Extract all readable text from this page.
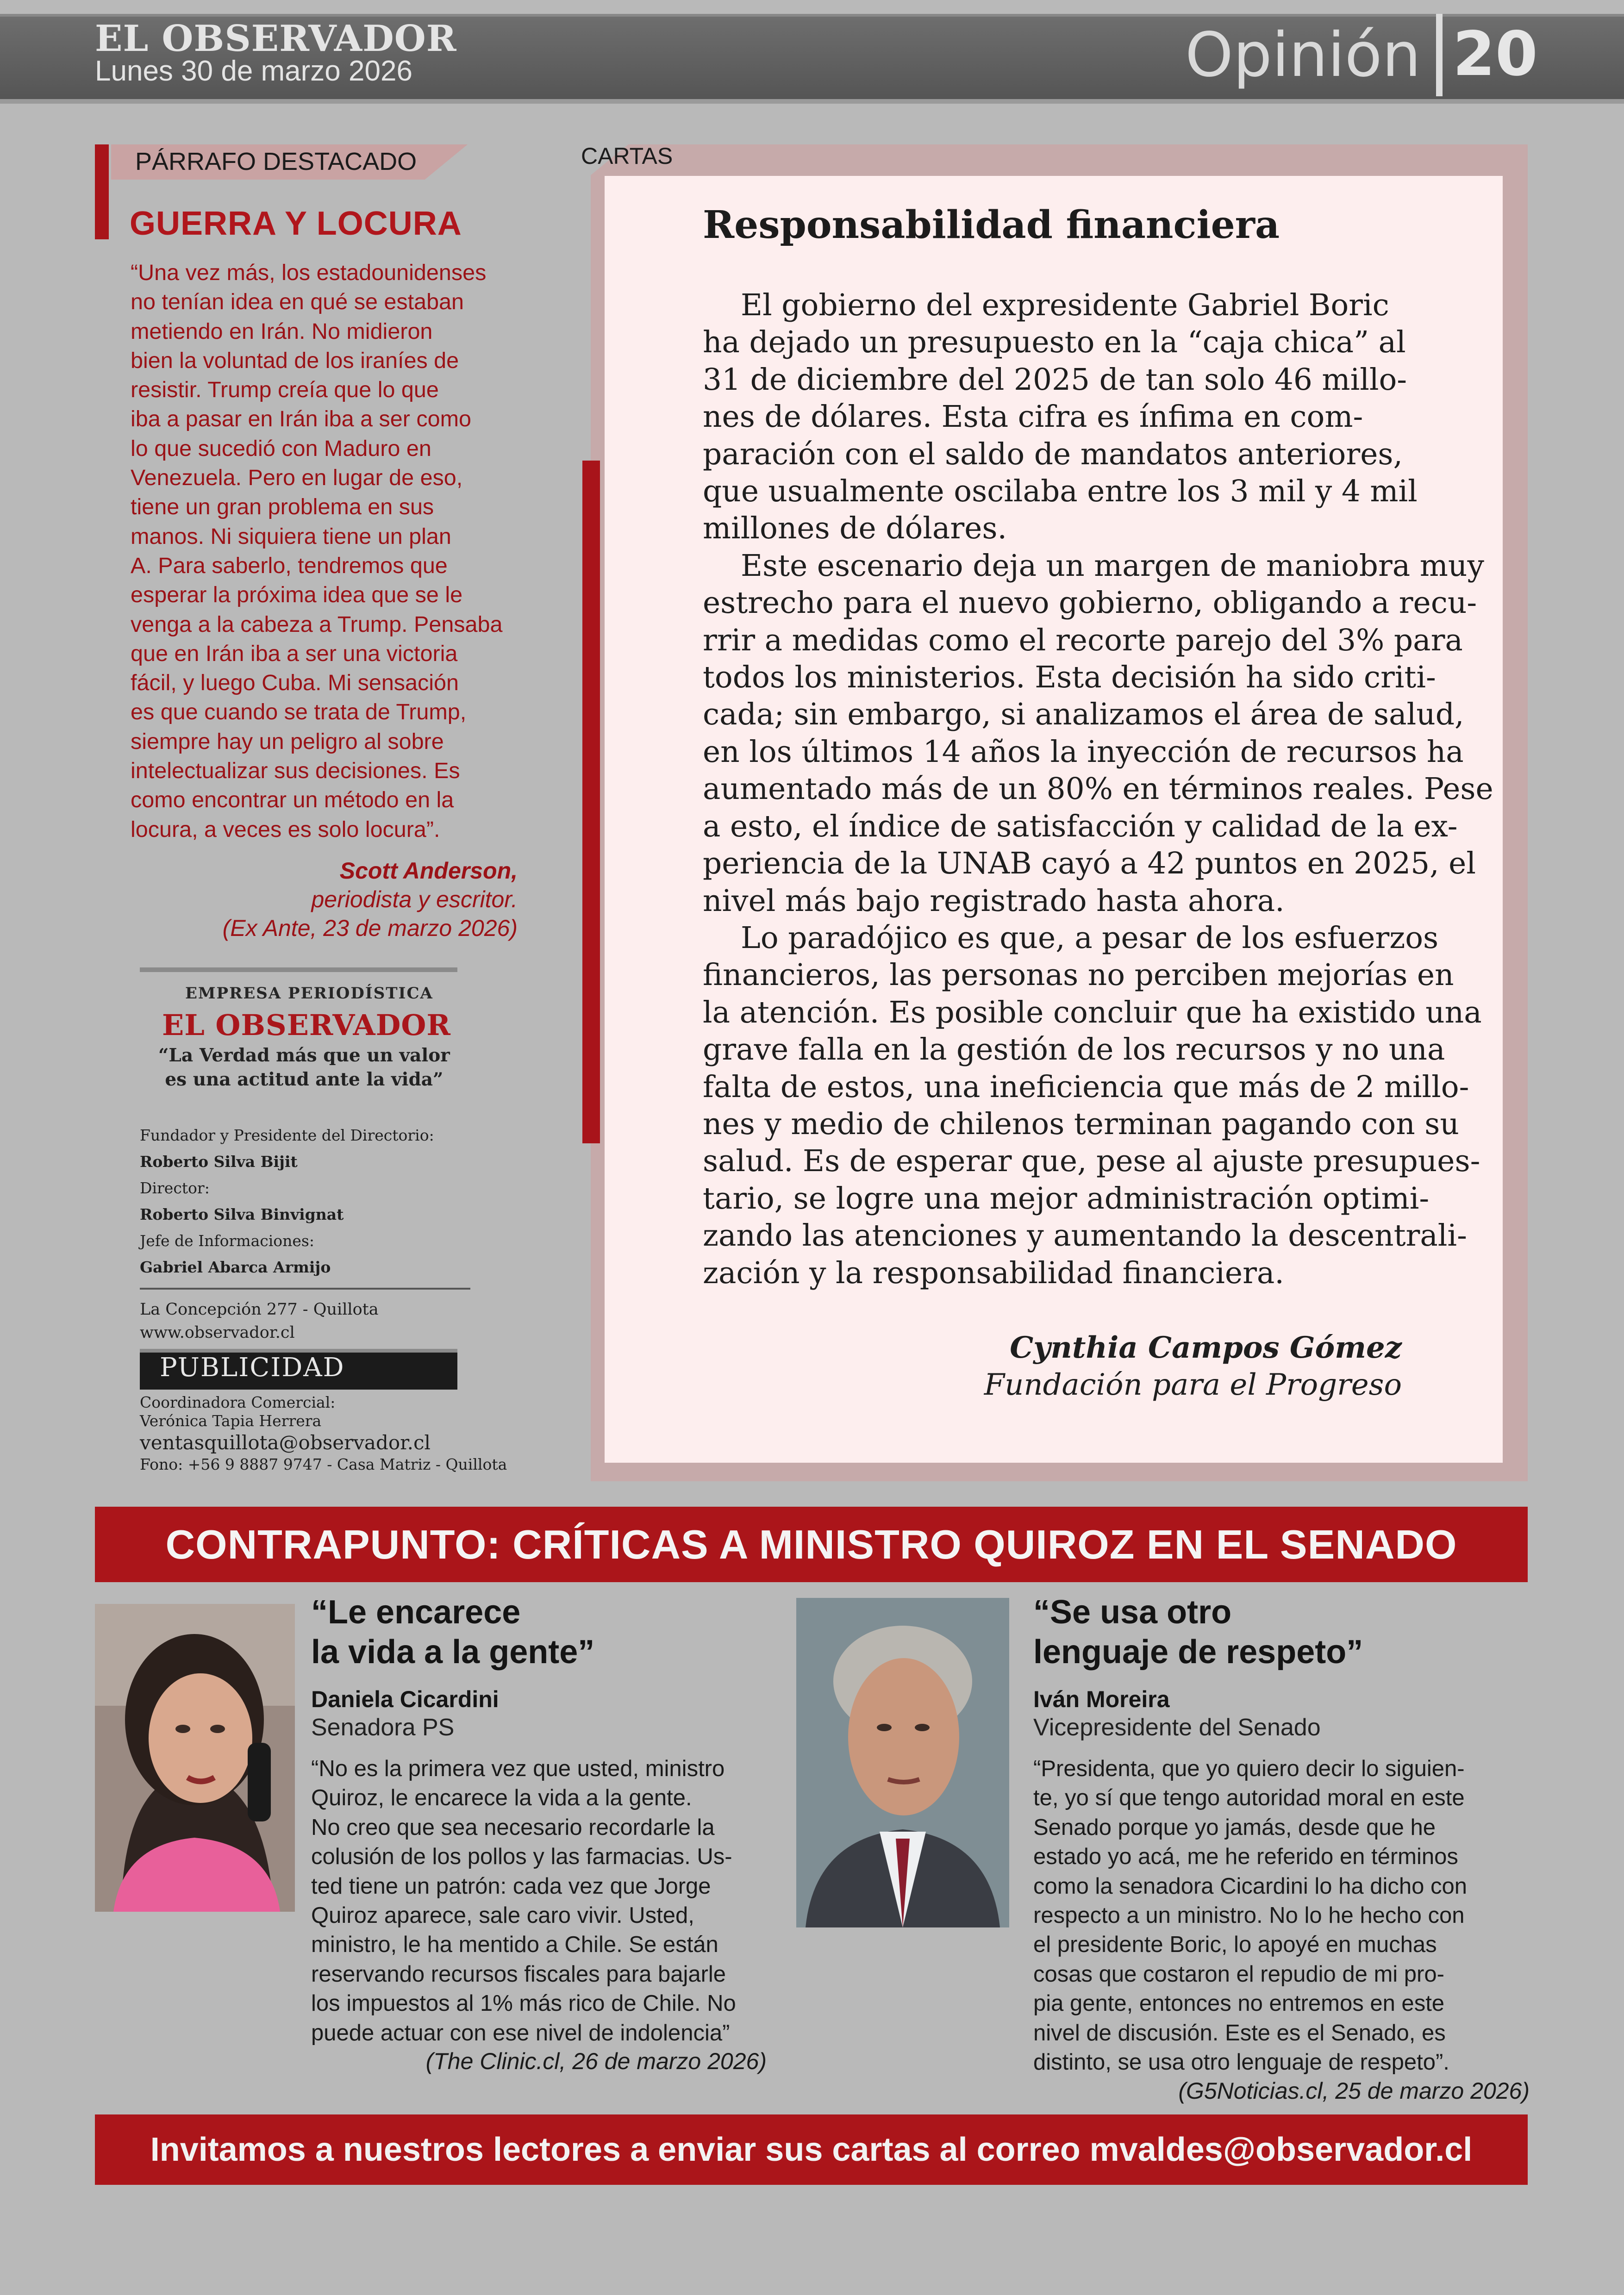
EL OBSERVADOR
Lunes 30 de marzo 2026	Opinión 20
PÁRRAFO DESTACADO
GUERRA Y LOCURA
“Una vez más, los estadounidenses
no tenían idea en qué se estaban
metiendo en Irán. No midieron
bien la voluntad de los iraníes de
resistir. Trump creía que lo que
iba a pasar en Irán iba a ser como
lo que sucedió con Maduro en
Venezuela. Pero en lugar de eso,
tiene un gran problema en sus
manos. Ni siquiera tiene un plan
A. Para saberlo, tendremos que
esperar la próxima idea que se le
venga a la cabeza a Trump. Pensaba
que en Irán iba a ser una victoria
fácil, y luego Cuba. Mi sensación
es que cuando se trata de Trump,
siempre hay un peligro al sobre
intelectualizar sus decisiones. Es
como encontrar un método en la
locura, a veces es solo locura”.
Scott Anderson,
periodista y escritor.
(Ex Ante, 23 de marzo 2026)
EMPRESA PERIODÍSTICA
EL OBSERVADOR
“La Verdad más que un valor
es una actitud ante la vida”
Fundador y Presidente del Directorio:
Roberto Silva Bijit
Director:
Roberto Silva Binvignat
Jefe de Informaciones:
Gabriel Abarca Armijo
La Concepción 277 - Quillota
www.observador.cl
PUBLICIDAD
Coordinadora Comercial:
Verónica Tapia Herrera
ventasquillota@observador.cl
Fono: +56 9 8887 9747 - Casa Matriz - Quillota
CARTAS
Responsabilidad financiera
El gobierno del expresidente Gabriel Boric
ha dejado un presupuesto en la “caja chica” al
31 de diciembre del 2025 de tan solo 46 millo-
nes de dólares. Esta cifra es ínfima en com-
paración con el saldo de mandatos anteriores,
que usualmente oscilaba entre los 3 mil y 4 mil
millones de dólares.
Este escenario deja un margen de maniobra muy
estrecho para el nuevo gobierno, obligando a recu-
rrir a medidas como el recorte parejo del 3% para
todos los ministerios. Esta decisión ha sido criti-
cada; sin embargo, si analizamos el área de salud,
en los últimos 14 años la inyección de recursos ha
aumentado más de un 80% en términos reales. Pese
a esto, el índice de satisfacción y calidad de la ex-
periencia de la UNAB cayó a 42 puntos en 2025, el
nivel más bajo registrado hasta ahora.
Lo paradójico es que, a pesar de los esfuerzos
financieros, las personas no perciben mejorías en
la atención. Es posible concluir que ha existido una
grave falla en la gestión de los recursos y no una
falta de estos, una ineficiencia que más de 2 millo-
nes y medio de chilenos terminan pagando con su
salud. Es de esperar que, pese al ajuste presupues-
tario, se logre una mejor administración optimi-
zando las atenciones y aumentando la descentrali-
zación y la responsabilidad financiera.
Cynthia Campos Gómez
Fundación para el Progreso
CONTRAPUNTO: CRÍTICAS A MINISTRO QUIROZ EN EL SENADO
“Le encarece
la vida a la gente”
Daniela Cicardini
Senadora PS
“No es la primera vez que usted, ministro
Quiroz, le encarece la vida a la gente.
No creo que sea necesario recordarle la
colusión de los pollos y las farmacias. Us-
ted tiene un patrón: cada vez que Jorge
Quiroz aparece, sale caro vivir. Usted,
ministro, le ha mentido a Chile. Se están
reservando recursos fiscales para bajarle
los impuestos al 1% más rico de Chile. No
puede actuar con ese nivel de indolencia”
(The Clinic.cl, 26 de marzo 2026)
“Se usa otro
lenguaje de respeto”
Iván Moreira
Vicepresidente del Senado
“Presidenta, que yo quiero decir lo siguien-
te, yo sí que tengo autoridad moral en este
Senado porque yo jamás, desde que he
estado yo acá, me he referido en términos
como la senadora Cicardini lo ha dicho con
respecto a un ministro. No lo he hecho con
el presidente Boric, lo apoyé en muchas
cosas que costaron el repudio de mi pro-
pia gente, entonces no entremos en este
nivel de discusión. Este es el Senado, es
distinto, se usa otro lenguaje de respeto”.
(G5Noticias.cl, 25 de marzo 2026)
Invitamos a nuestros lectores a enviar sus cartas al correo mvaldes@observador.cl
